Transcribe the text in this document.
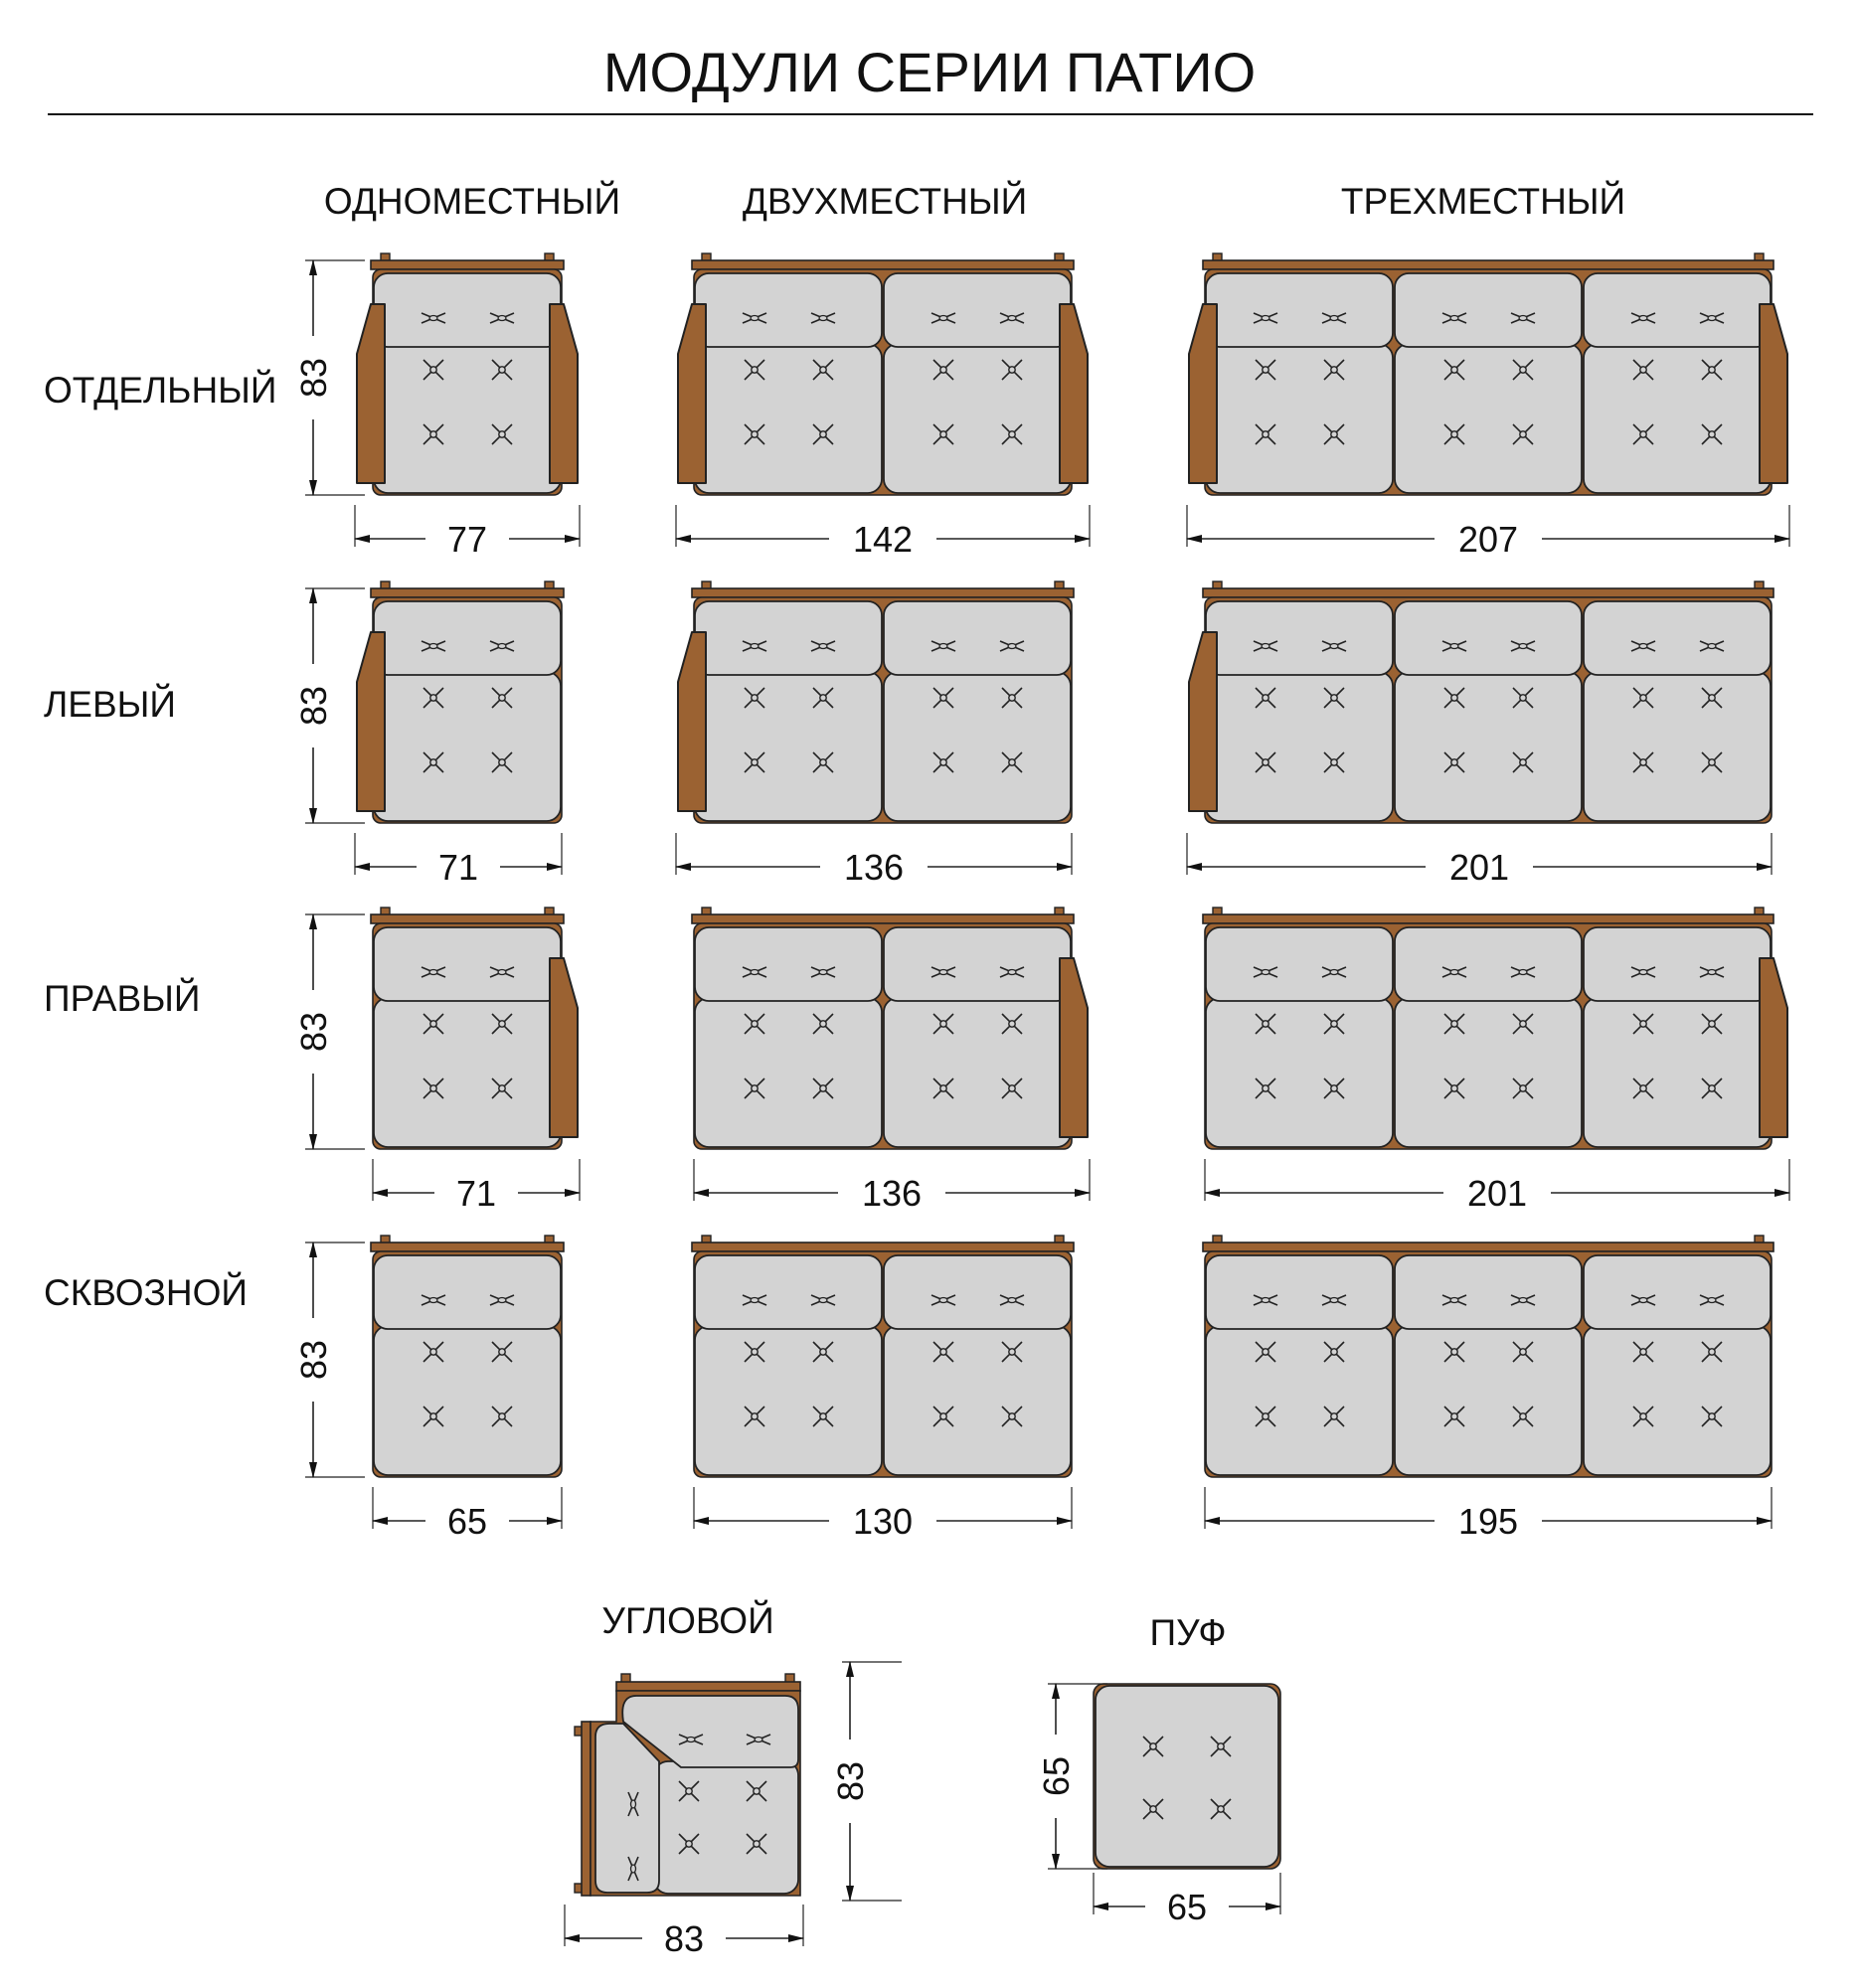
МОДУЛИ СЕРИИ ПАТИО
ОДНОМЕСТНЫЙ	ДВУХМЕСТНЫЙ	ТРЕХМЕСТНЫЙ
ОТДЕЛЬНЫЙ
ЛЕВЫЙ
ПРАВЫЙ
СКВОЗНОЙ
УГЛОВОЙ	ПУФ
83
77	142	207
83
71	136	201
83
71	136	201
83
65	130	195
83
83
65
65
